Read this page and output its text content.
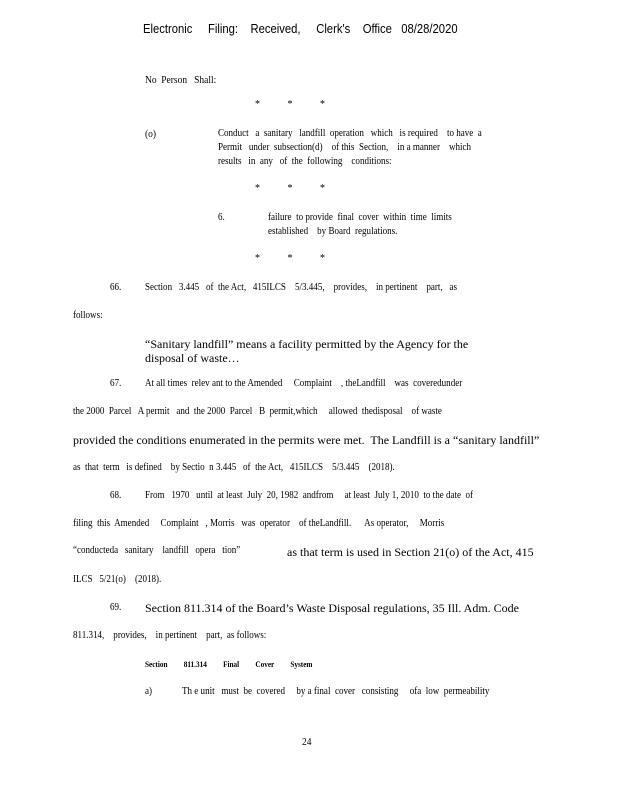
Electronic     Filing:    Received,     Clerk's    Office   08/28/2020
No  Person   Shall:
*           *           *
(o)	Conduct   a  sanitary   landfill  operation   which   is required    to have  a
Permit   under  subsection(d)    of this  Section,    in a manner    which
results   in  any   of  the  following    conditions:
*           *           *
6.	failure  to provide  final  cover  within  time  limits
established    by Board  regulations.
*           *           *
66. Section   3.445   of  the Act,   415ILCS    5/3.445,    provides,    in pertinent    part,   as
follows:
“Sanitary landfill” means a facility permitted by the Agency for the
disposal of waste…
67. At all times  relev ant to the Amended     Complaint    , theLandfill    was  coveredunder
the 2000  Parcel   A permit   and  the 2000  Parcel   B  permit,which     allowed  thedisposal    of waste
provided the conditions enumerated in the permits were met.  The Landfill is a “sanitary landfill”
as  that  term   is defined    by Sectio  n 3.445   of  the Act,   415ILCS    5/3.445    (2018).
68. From   1970   until  at least  July  20, 1982  andfrom     at least  July 1, 2010  to the date  of
filing  this  Amended     Complaint   , Morris   was  operator    of theLandfill.      As operator,     Morris
“conducteda   sanitary    landfill   opera   tion”	as that term is used in Section 21(o) of the Act, 415
ILCS   5/21(o)    (2018).
69. Section 811.314 of the Board’s Waste Disposal regulations, 35 Ill. Adm. Code
811.314,    provides,    in pertinent    part,  as follows:
Section         811.314         Final         Cover         System
a)	Th e unit   must  be  covered     by a final  cover   consisting     ofa  low  permeability
24
